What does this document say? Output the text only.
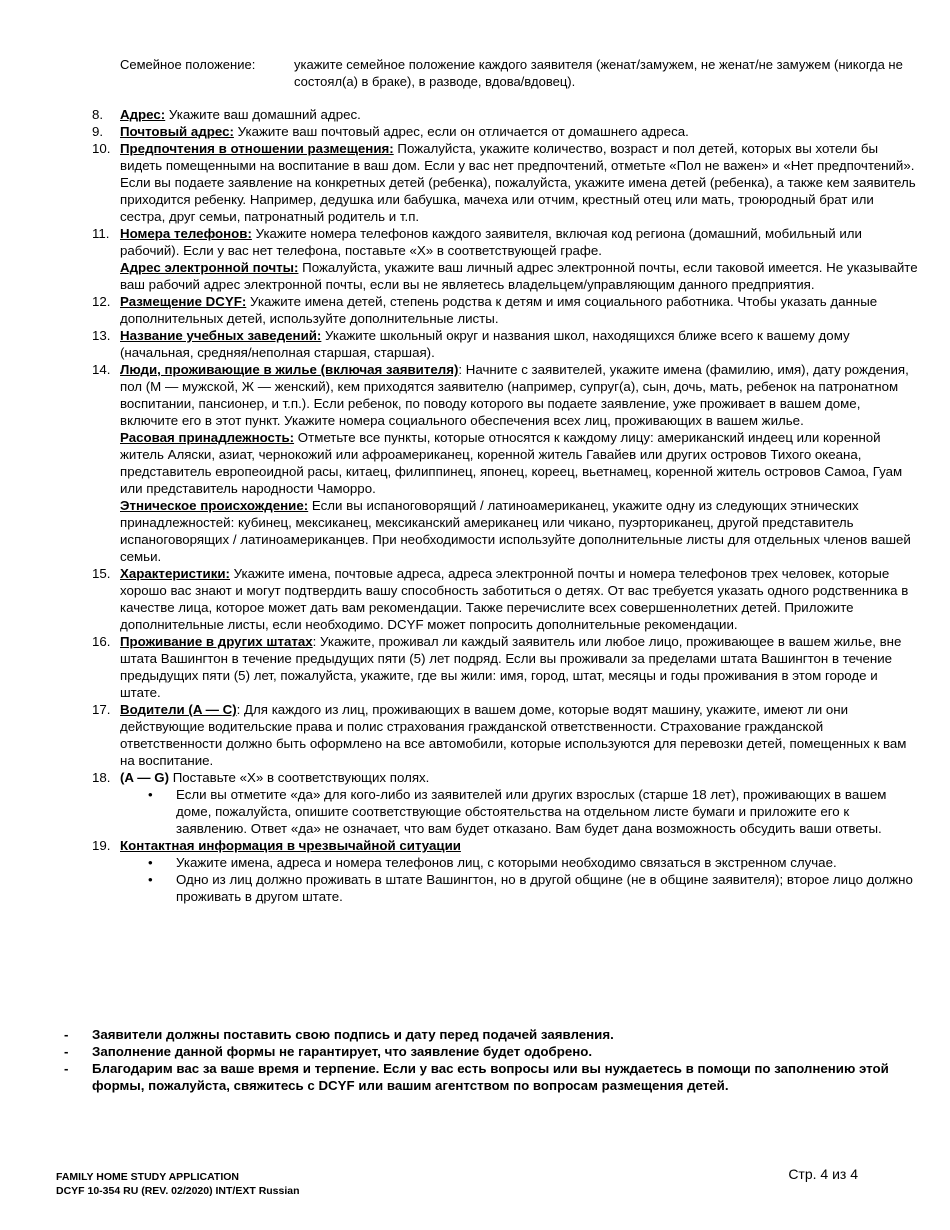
Семейное положение:	укажите семейное положение каждого заявителя (женат/замужем, не женат/не замужем (никогда не состоял(а) в браке), в разводе, вдова/вдовец).
8. Адрес: Укажите ваш домашний адрес.
9. Почтовый адрес: Укажите ваш почтовый адрес, если он отличается от домашнего адреса.
10. Предпочтения в отношении размещения: Пожалуйста, укажите количество, возраст и пол детей, которых вы хотели бы видеть помещенными на воспитание в ваш дом. Если у вас нет предпочтений, отметьте «Пол не важен» и «Нет предпочтений». Если вы подаете заявление на конкретных детей (ребенка), пожалуйста, укажите имена детей (ребенка), а также кем заявитель приходится ребенку. Например, дедушка или бабушка, мачеха или отчим, крестный отец или мать, троюродный брат или сестра, друг семьи, патронатный родитель и т.п.
11. Номера телефонов: Укажите номера телефонов каждого заявителя, включая код региона (домашний, мобильный или рабочий). Если у вас нет телефона, поставьте «X» в соответствующей графе.
Адрес электронной почты: Пожалуйста, укажите ваш личный адрес электронной почты, если таковой имеется. Не указывайте ваш рабочий адрес электронной почты, если вы не являетесь владельцем/управляющим данного предприятия.
12. Размещение DCYF: Укажите имена детей, степень родства к детям и имя социального работника. Чтобы указать данные дополнительных детей, используйте дополнительные листы.
13. Название учебных заведений: Укажите школьный округ и названия школ, находящихся ближе всего к вашему дому (начальная, средняя/неполная старшая, старшая).
14. Люди, проживающие в жилье (включая заявителя): Начните с заявителей, укажите имена (фамилию, имя), дату рождения, пол (М — мужской, Ж — женский), кем приходятся заявителю (например, супруг(а), сын, дочь, мать, ребенок на патронатном воспитании, пансионер, и т.п.). Если ребенок, по поводу которого вы подаете заявление, уже проживает в вашем доме, включите его в этот пункт. Укажите номера социального обеспечения всех лиц, проживающих в вашем жилье.
Расовая принадлежность: Отметьте все пункты, которые относятся к каждому лицу: американский индеец или коренной житель Аляски, азиат, чернокожий или афроамериканец, коренной житель Гавайев или других островов Тихого океана, представитель европеоидной расы, китаец, филиппинец, японец, кореец, вьетнамец, коренной житель островов Самоа, Гуам или представитель народности Чаморро.
Этническое происхождение: Если вы испаноговорящий / латиноамериканец, укажите одну из следующих этнических принадлежностей: кубинец, мексиканец, мексиканский американец или чикано, пуэрториканец, другой представитель испаноговорящих / латиноамериканцев. При необходимости используйте дополнительные листы для отдельных членов вашей семьи.
15. Характеристики: Укажите имена, почтовые адреса, адреса электронной почты и номера телефонов трех человек, которые хорошо вас знают и могут подтвердить вашу способность заботиться о детях. От вас требуется указать одного родственника в качестве лица, которое может дать вам рекомендации. Также перечислите всех совершеннолетних детей. Приложите дополнительные листы, если необходимо. DCYF может попросить дополнительные рекомендации.
16. Проживание в других штатах: Укажите, проживал ли каждый заявитель или любое лицо, проживающее в вашем жилье, вне штата Вашингтон в течение предыдущих пяти (5) лет подряд. Если вы проживали за пределами штата Вашингтон в течение предыдущих пяти (5) лет, пожалуйста, укажите, где вы жили: имя, город, штат, месяцы и годы проживания в этом городе и штате.
17. Водители (A — C): Для каждого из лиц, проживающих в вашем доме, которые водят машину, укажите, имеют ли они действующие водительские права и полис страхования гражданской ответственности. Страхование гражданской ответственности должно быть оформлено на все автомобили, которые используются для перевозки детей, помещенных к вам на воспитание.
18. (A — G) Поставьте «X» в соответствующих полях.
• Если вы отметите «да» для кого-либо из заявителей или других взрослых (старше 18 лет), проживающих в вашем доме, пожалуйста, опишите соответствующие обстоятельства на отдельном листе бумаги и приложите его к заявлению. Ответ «да» не означает, что вам будет отказано. Вам будет дана возможность обсудить ваши ответы.
19. Контактная информация в чрезвычайной ситуации
• Укажите имена, адреса и номера телефонов лиц, с которыми необходимо связаться в экстренном случае.
• Одно из лиц должно проживать в штате Вашингтон, но в другой общине (не в общине заявителя); второе лицо должно проживать в другом штате.
- Заявители должны поставить свою подпись и дату перед подачей заявления.
- Заполнение данной формы не гарантирует, что заявление будет одобрено.
- Благодарим вас за ваше время и терпение. Если у вас есть вопросы или вы нуждаетесь в помощи по заполнению этой формы, пожалуйста, свяжитесь с DCYF или вашим агентством по вопросам размещения детей.
FAMILY HOME STUDY APPLICATION
DCYF 10-354 RU (REV. 02/2020) INT/EXT Russian
Стр. 4 из 4
